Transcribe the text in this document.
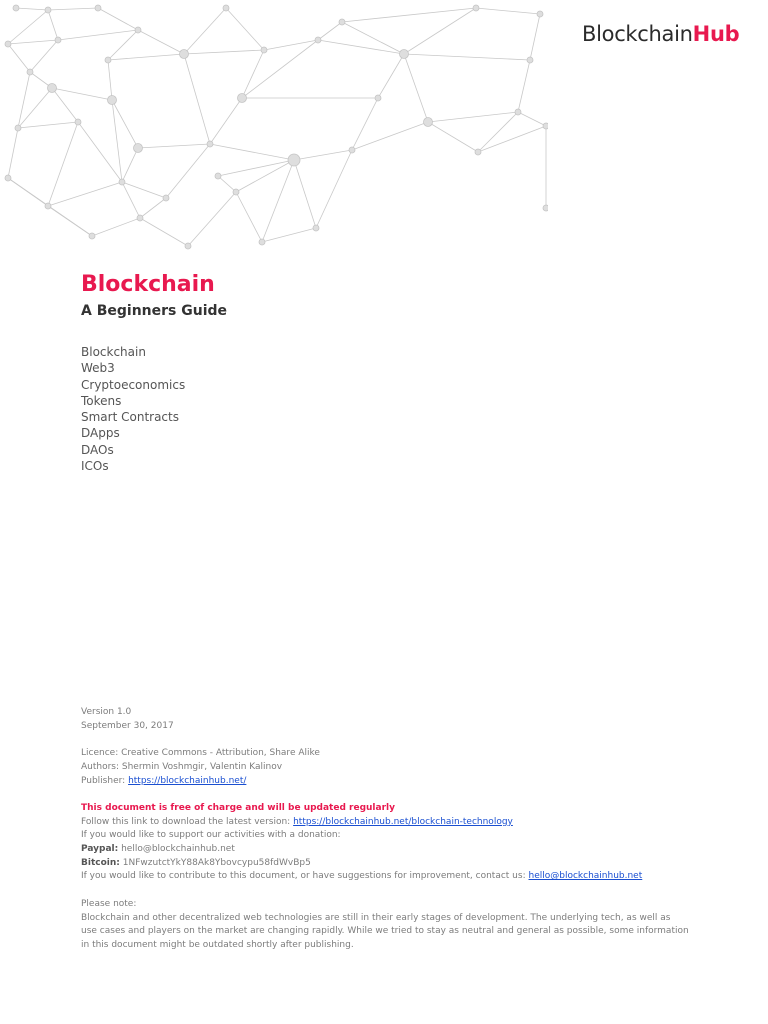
BlockchainHub
Blockchain
A Beginners Guide
Blockchain
Web3
Cryptoeconomics
Tokens
Smart Contracts
DApps
DAOs
ICOs

Version 1.0

September 30, 2017

Licence: Creative Commons - Attribution, Share Alike

Authors: Shermin Voshmgir, Valentin Kalinov

Publisher: https://blockchainhub.net/

This document is free of charge and will be updated regularly

Follow this link to download the latest version: https://blockchainhub.net/blockchain-technology

If you would like to support our activities with a donation:

Paypal: hello@blockchainhub.net

Bitcoin: 1NFwzutctYkY88Ak8Ybovcypu58fdWvBp5

If you would like to contribute to this document, or have suggestions for improvement, contact us: hello@blockchainhub.net

Please note:

Blockchain and other decentralized web technologies are still in their early stages of development. The underlying tech, as well as

use cases and players on the market are changing rapidly. While we tried to stay as neutral and general as possible, some information

in this document might be outdated shortly after publishing.
